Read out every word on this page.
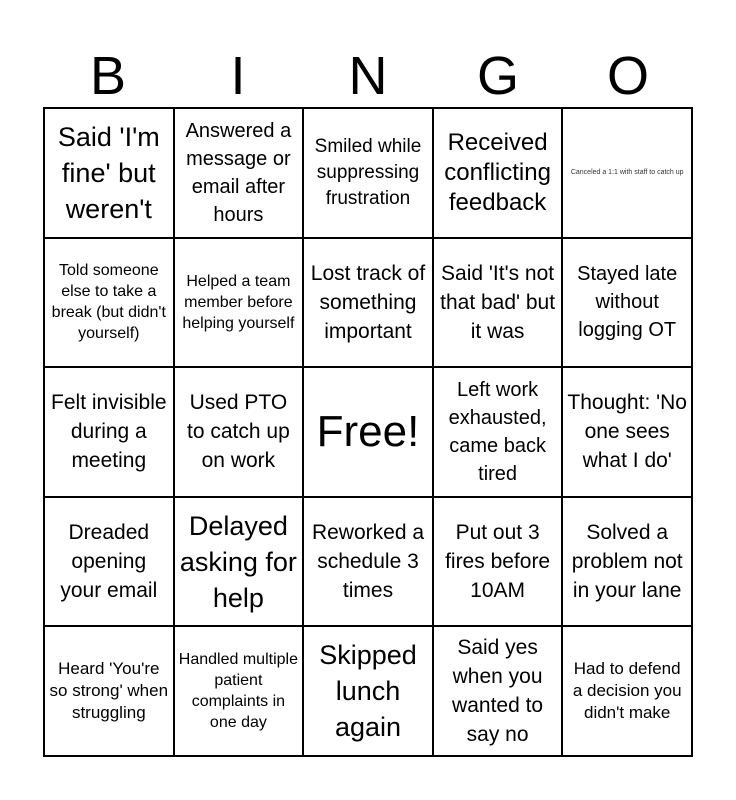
B	I	N	G	O
Said 'I'm fine' but weren't
Answered a message or email after hours
Smiled while suppressing frustration
Received conflicting feedback
Canceled a 1:1 with staff to catch up
Told someone else to take a break (but didn't yourself)
Helped a team member before helping yourself
Lost track of something important
Said 'It's not that bad' but it was
Stayed late without logging OT
Felt invisible during a meeting
Used PTO to catch up on work
Free!
Left work exhausted, came back tired
Thought: 'No one sees what I do'
Dreaded opening your email
Delayed asking for help
Reworked a schedule 3 times
Put out 3 fires before 10AM
Solved a problem not in your lane
Heard 'You're so strong' when struggling
Handled multiple patient complaints in one day
Skipped lunch again
Said yes when you wanted to say no
Had to defend a decision you didn't make
